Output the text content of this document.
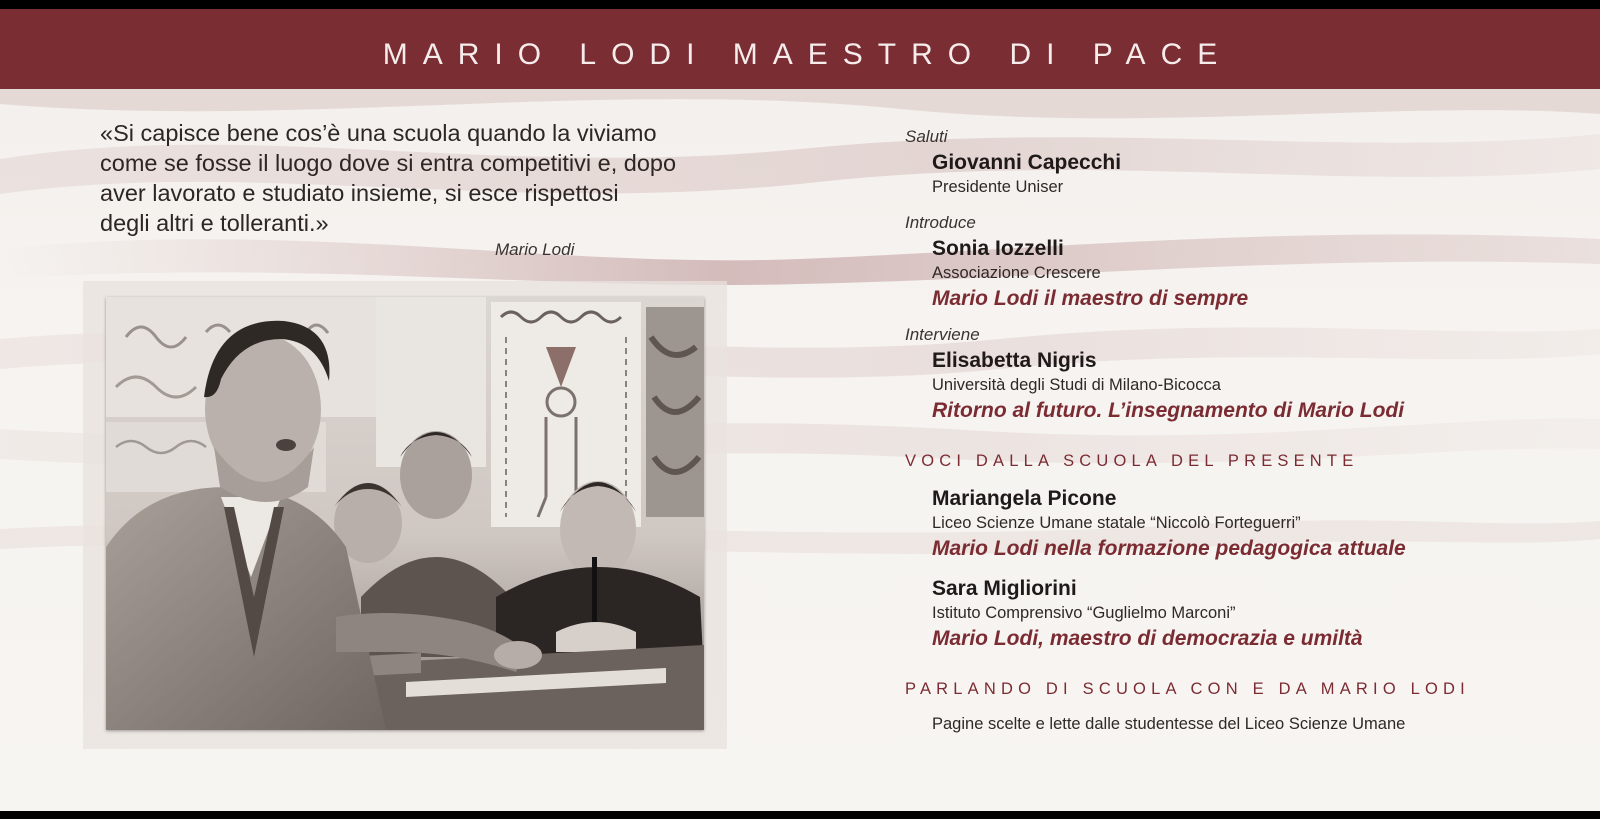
MARIO LODI MAESTRO DI PACE
«Si capisce bene cos’è una scuola quando la viviamo
come se fosse il luogo dove si entra competitivi e, dopo
aver lavorato e studiato insieme, si esce rispettosi
degli altri e tolleranti.»
Mario Lodi
Saluti
Giovanni Capecchi
Presidente Uniser
Introduce
Sonia Iozzelli
Associazione Crescere
Mario Lodi il maestro di sempre
Interviene
Elisabetta Nigris
Università degli Studi di Milano-Bicocca
Ritorno al futuro. L’insegnamento di Mario Lodi
VOCI DALLA SCUOLA DEL PRESENTE
Mariangela Picone
Liceo Scienze Umane statale “Niccolò Forteguerri”
Mario Lodi nella formazione pedagogica attuale
Sara Migliorini
Istituto Comprensivo “Guglielmo Marconi”
Mario Lodi, maestro di democrazia e umiltà
PARLANDO DI SCUOLA CON E DA MARIO LODI
Pagine scelte e lette dalle studentesse del Liceo Scienze Umane
